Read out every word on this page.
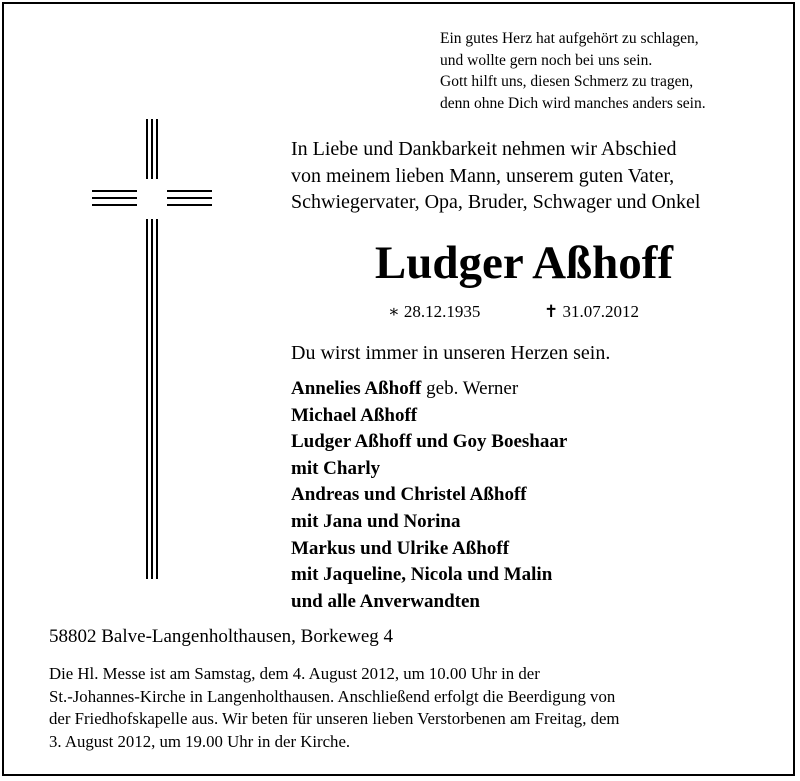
Ein gutes Herz hat aufgehört zu schlagen,
und wollte gern noch bei uns sein.
Gott hilft uns, diesen Schmerz zu tragen,
denn ohne Dich wird manches anders sein.
In Liebe und Dankbarkeit nehmen wir Abschied
von meinem lieben Mann, unserem guten Vater,
Schwiegervater, Opa, Bruder, Schwager und Onkel
Ludger Aßhoff
∗ 28.12.1935	✝ 31.07.2012
Du wirst immer in unseren Herzen sein.
Annelies Aßhoff geb. Werner
Michael Aßhoff
Ludger Aßhoff und Goy Boeshaar
mit Charly
Andreas und Christel Aßhoff
mit Jana und Norina
Markus und Ulrike Aßhoff
mit Jaqueline, Nicola und Malin
und alle Anverwandten
58802 Balve-Langenholthausen, Borkeweg 4
Die Hl. Messe ist am Samstag, dem 4. August 2012, um 10.00 Uhr in der
St.-Johannes-Kirche in Langenholthausen. Anschließend erfolgt die Beerdigung von
der Friedhofskapelle aus. Wir beten für unseren lieben Verstorbenen am Freitag, dem
3. August 2012, um 19.00 Uhr in der Kirche.
